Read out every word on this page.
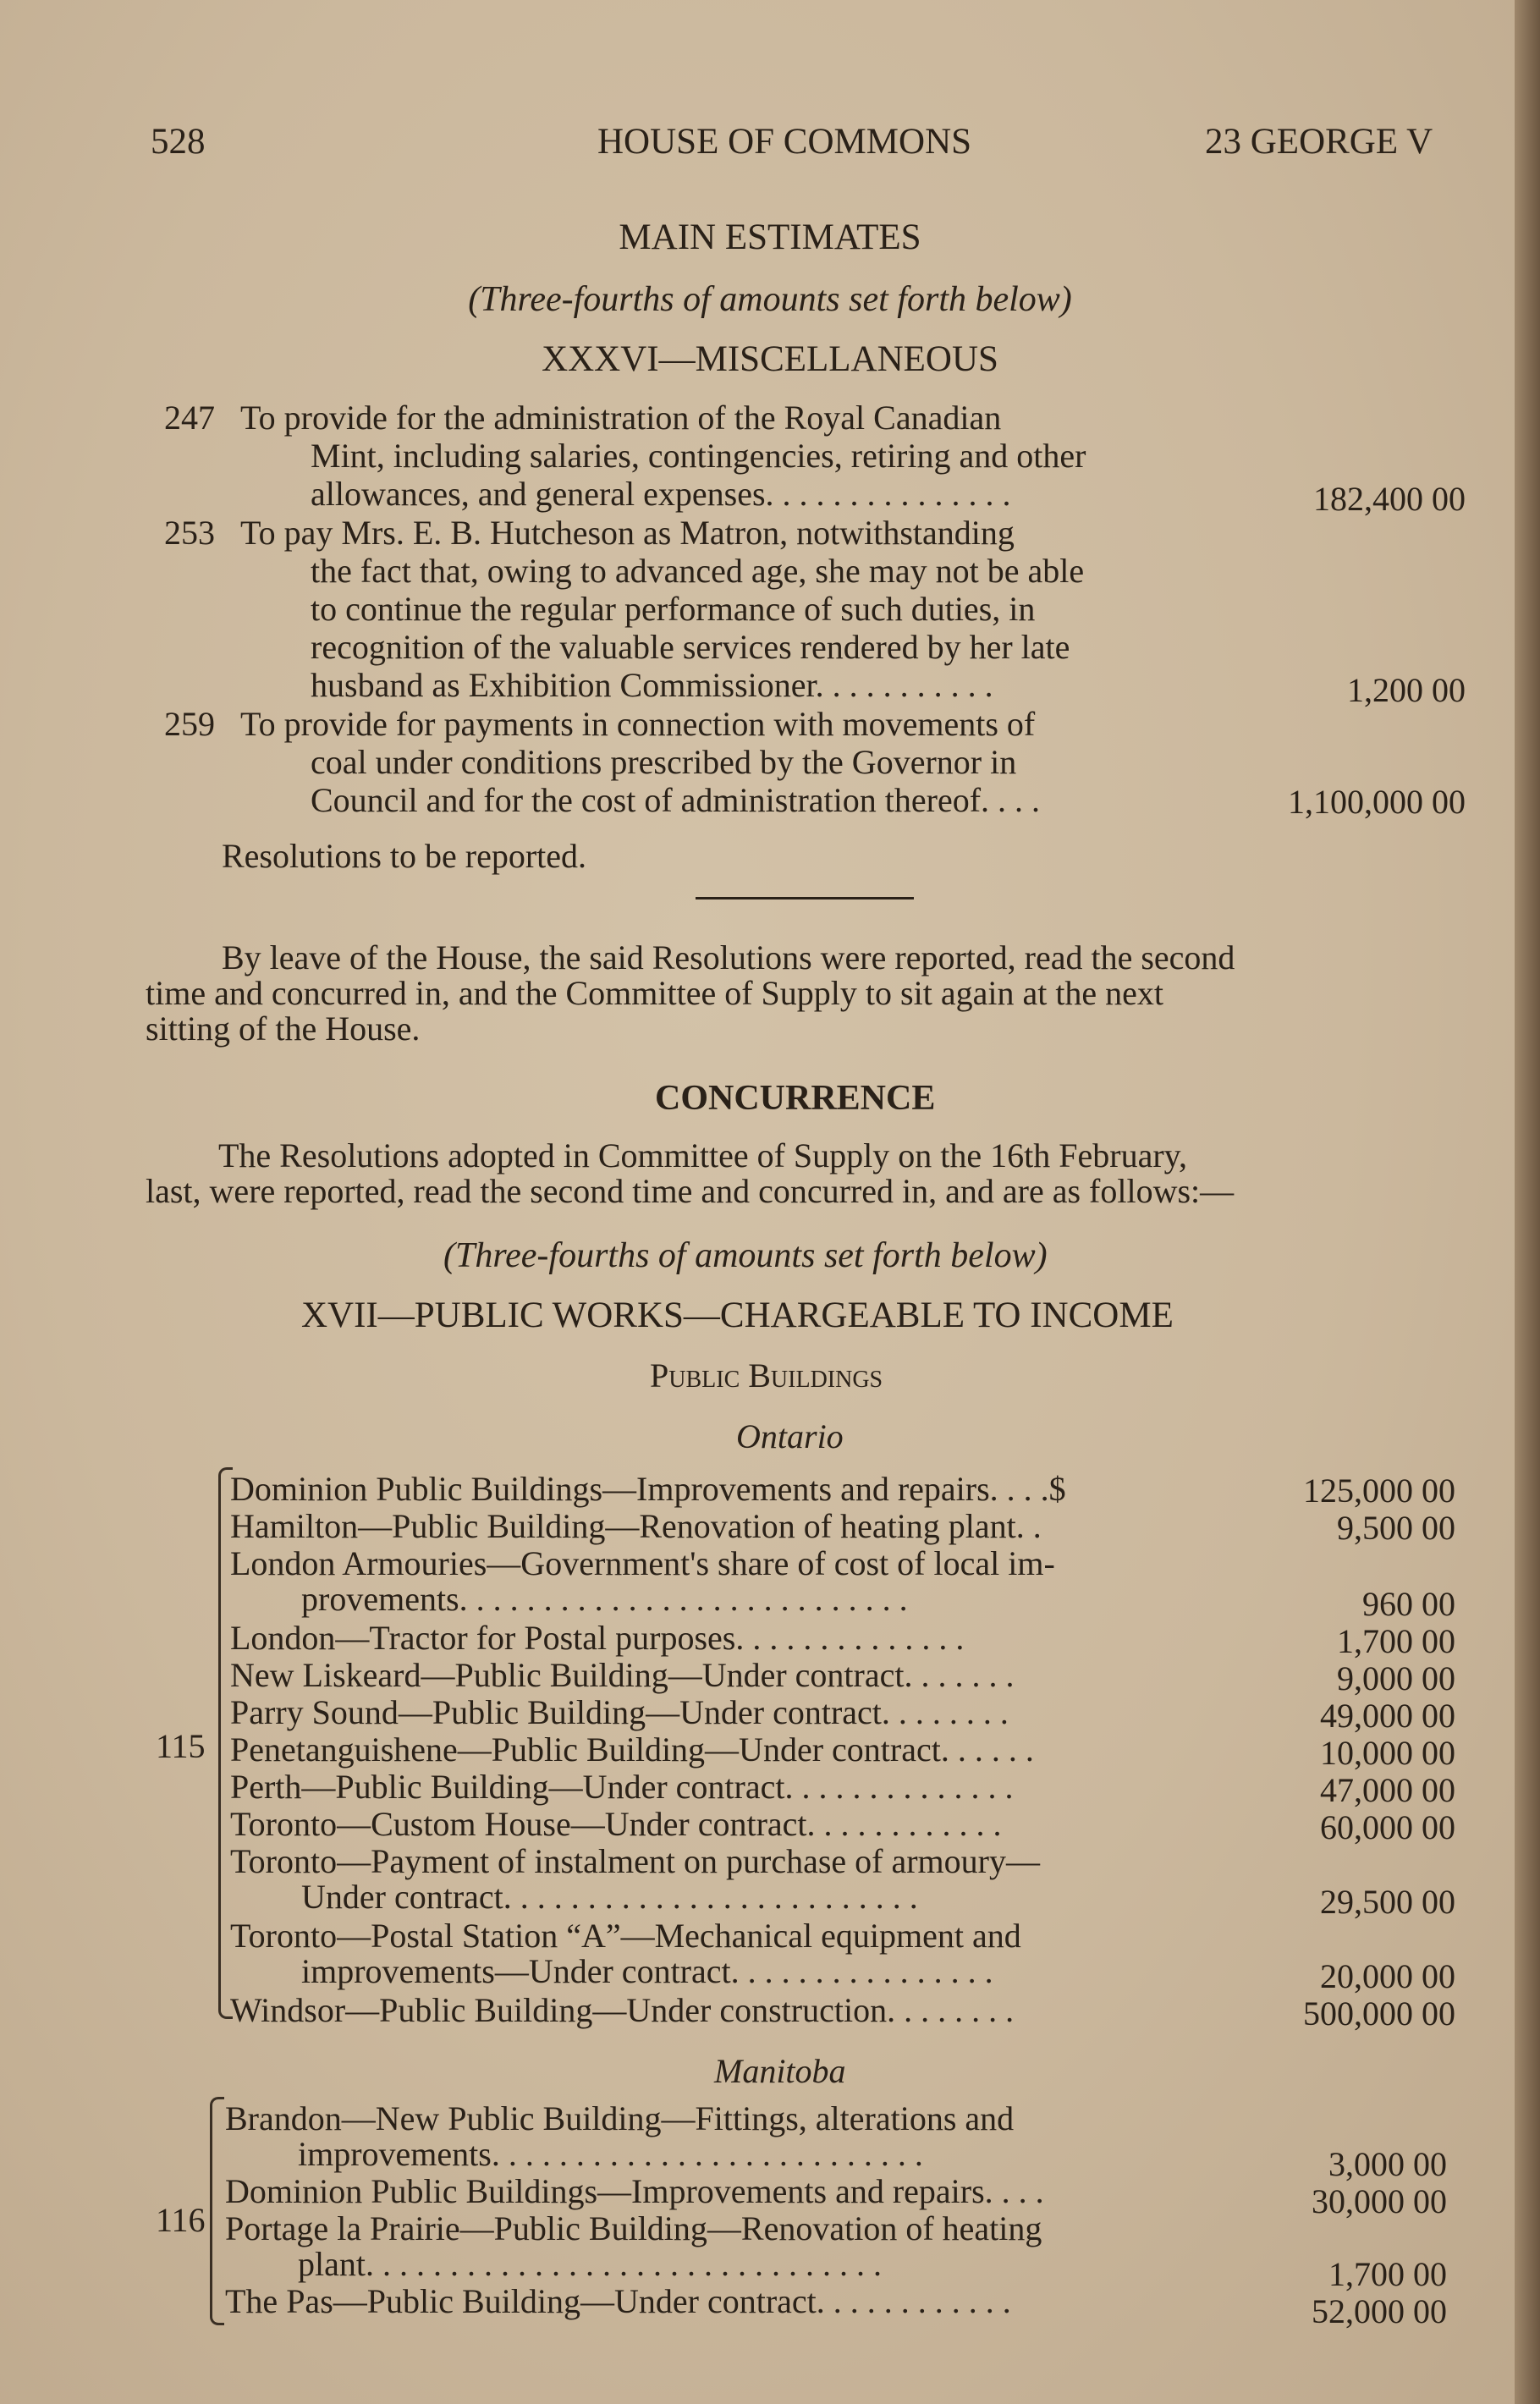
528	HOUSE OF COMMONS	23 GEORGE V
MAIN ESTIMATES
(Three-fourths of amounts set forth below)
XXXVI—MISCELLANEOUS
247 To provide for the administration of the Royal Canadian
Mint, including salaries, contingencies, retiring and other
allowances, and general expenses. . . . . . . . . . . . . . .	182,400 00
253 To pay Mrs. E. B. Hutcheson as Matron, notwithstanding
the fact that, owing to advanced age, she may not be able
to continue the regular performance of such duties, in
recognition of the valuable services rendered by her late
husband as Exhibition Commissioner. . . . . . . . . . .	1,200 00
259 To provide for payments in connection with movements of
coal under conditions prescribed by the Governor in
Council and for the cost of administration thereof. . . .	1,100,000 00
Resolutions to be reported.
By leave of the House, the said Resolutions were reported, read the second
time and concurred in, and the Committee of Supply to sit again at the next
sitting of the House.
CONCURRENCE
The Resolutions adopted in Committee of Supply on the 16th February,
last, were reported, read the second time and concurred in, and are as follows:—
(Three-fourths of amounts set forth below)
XVII—PUBLIC WORKS—CHARGEABLE TO INCOME
Public Buildings
Ontario
115
Dominion Public Buildings—Improvements and repairs. . . .$	125,000 00
Hamilton—Public Building—Renovation of heating plant. .	9,500 00
London Armouries—Government's share of cost of local im-
provements. . . . . . . . . . . . . . . . . . . . . . . . . . .	960 00
London—Tractor for Postal purposes. . . . . . . . . . . . . .	1,700 00
New Liskeard—Public Building—Under contract. . . . . . .	9,000 00
Parry Sound—Public Building—Under contract. . . . . . . .	49,000 00
Penetanguishene—Public Building—Under contract. . . . . .	10,000 00
Perth—Public Building—Under contract. . . . . . . . . . . . . .	47,000 00
Toronto—Custom House—Under contract. . . . . . . . . . . .	60,000 00
Toronto—Payment of instalment on purchase of armoury—
Under contract. . . . . . . . . . . . . . . . . . . . . . . . .	29,500 00
Toronto—Postal Station “A”—Mechanical equipment and
improvements—Under contract. . . . . . . . . . . . . . . .	20,000 00
Windsor—Public Building—Under construction. . . . . . . .	500,000 00
Manitoba
116
Brandon—New Public Building—Fittings, alterations and
improvements. . . . . . . . . . . . . . . . . . . . . . . . . .	3,000 00
Dominion Public Buildings—Improvements and repairs. . . .	30,000 00
Portage la Prairie—Public Building—Renovation of heating
plant. . . . . . . . . . . . . . . . . . . . . . . . . . . . . . .	1,700 00
The Pas—Public Building—Under contract. . . . . . . . . . . .	52,000 00
